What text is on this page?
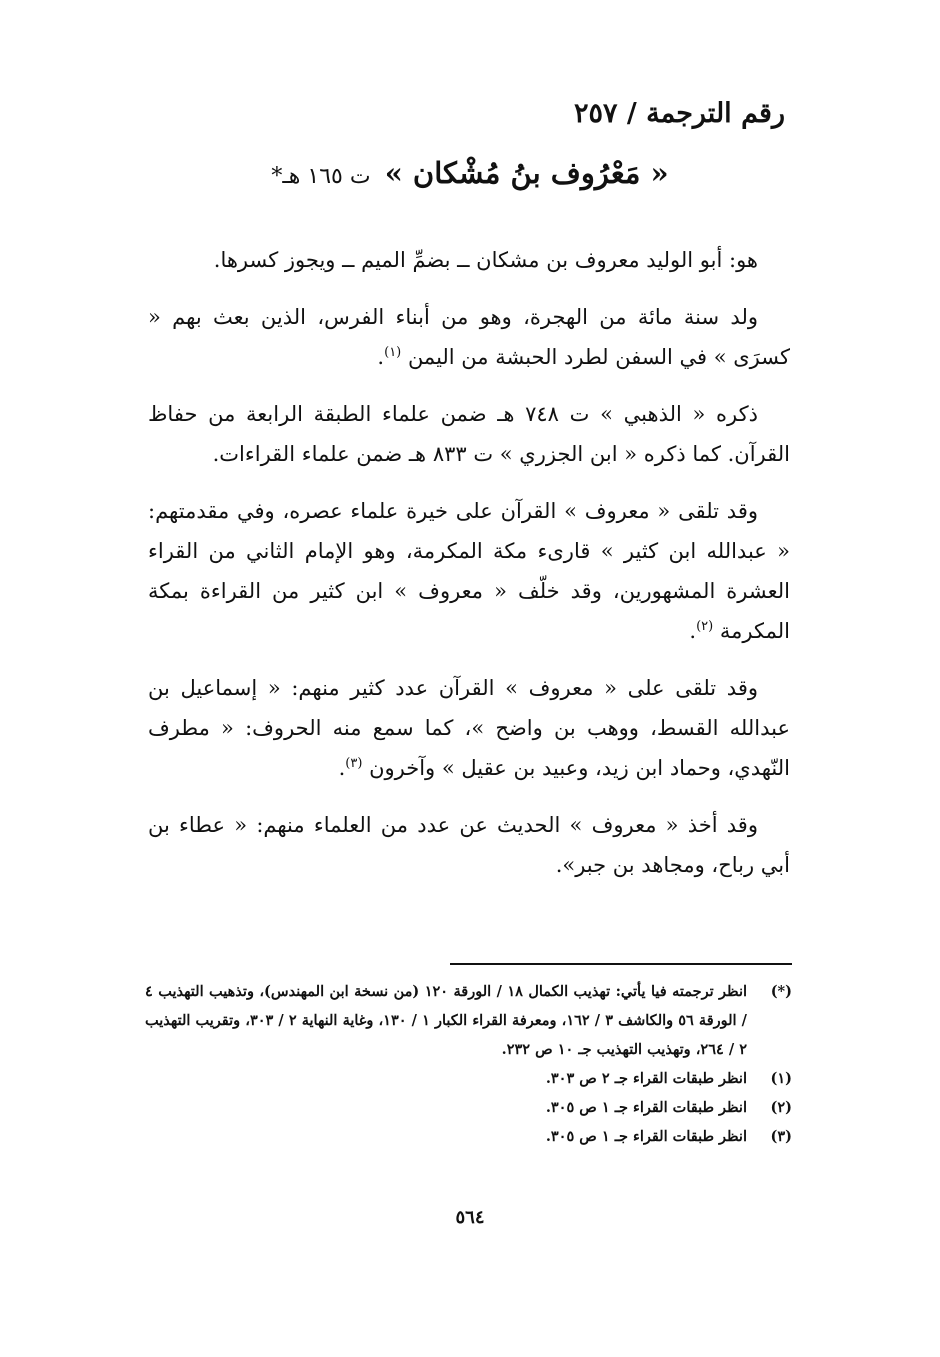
رقم الترجمة / ٢٥٧
« مَعْرُوف بنُ مُشْكان » ت ١٦٥ هـ*

هو: أبو الوليد معروف بن مشكان ــ بضمِّ الميم ــ ويجوز كسرها.

ولد سنة مائة من الهجرة، وهو من أبناء الفرس، الذين بعث بهم « كسرَى » في السفن لطرد الحبشة من اليمن $^{(١)}$.

ذكره « الذهبي » ت ٧٤٨ هـ ضمن علماء الطبقة الرابعة من حفاظ القرآن. كما ذكره « ابن الجزري » ت ٨٣٣ هـ ضمن علماء القراءات.

وقد تلقى « معروف » القرآن على خيرة علماء عصره، وفي مقدمتهم: « عبدالله ابن كثير » قارىء مكة المكرمة، وهو الإمام الثاني من القراء العشرة المشهورين، وقد خلّف « معروف » ابن كثير من القراءة بمكة المكرمة $^{(٢)}$.

وقد تلقى على « معروف » القرآن عدد كثير منهم: « إسماعيل بن عبدالله القسط، ووهب بن واضح »، كما سمع منه الحروف: « مطرف النّهدي، وحماد ابن زيد، وعبيد بن عقيل » وآخرون $^{(٣)}$.

وقد أخذ « معروف » الحديث عن عدد من العلماء منهم: « عطاء بن أبي رباح، ومجاهد بن جبر».

(*)
انظر ترجمته فيا يأتي: تهذيب الكمال ١٨ / الورقة ١٢٠ (من نسخة ابن المهندس)، وتذهيب التهذيب ٤ / الورقة ٥٦ والكاشف ٣ / ١٦٢، ومعرفة القراء الكبار ١ / ١٣٠، وغاية النهاية ٢ / ٣٠٣، وتقريب التهذيب ٢ / ٢٦٤، وتهذيب التهذيب جـ ١٠ ص ٢٣٢.
(١)
انظر طبقات القراء جـ ٢ ص ٣٠٣.
(٢)
انظر طبقات القراء جـ ١ ص ٣٠٥.
(٣)
انظر طبقات القراء جـ ١ ص ٣٠٥.
٥٦٤
